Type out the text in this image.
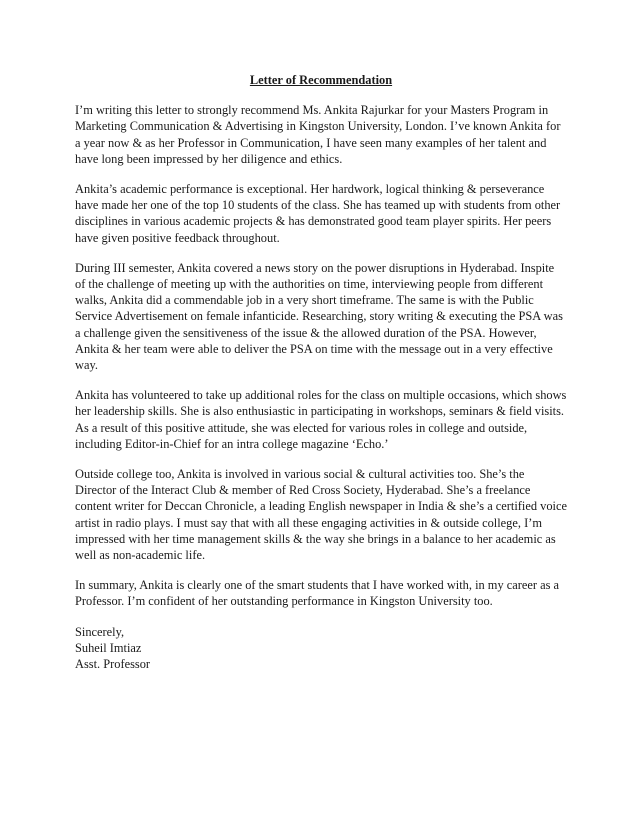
Letter of Recommendation

I’m writing this letter to strongly recommend Ms. Ankita Rajurkar for your Masters Program in Marketing Communication & Advertising in Kingston University, London. I’ve known Ankita for a year now & as her Professor in Communication, I have seen many examples of her talent and have long been impressed by her diligence and ethics.

Ankita’s academic performance is exceptional. Her hardwork, logical thinking & perseverance have made her one of the top 10 students of the class. She has teamed up with students from other disciplines in various academic projects & has demonstrated good team player spirits. Her peers have given positive feedback throughout.

During III semester, Ankita covered a news story on the power disruptions in Hyderabad. Inspite of the challenge of meeting up with the authorities on time, interviewing people from different walks, Ankita did a commendable job in a very short timeframe. The same is with the Public Service Advertisement on female infanticide. Researching, story writing & executing the PSA was a challenge given the sensitiveness of the issue & the allowed duration of the PSA. However, Ankita & her team were able to deliver the PSA on time with the message out in a very effective way.

Ankita has volunteered to take up additional roles for the class on multiple occasions, which shows her leadership skills. She is also enthusiastic in participating in workshops, seminars & field visits. As a result of this positive attitude, she was elected for various roles in college and outside, including Editor-in-Chief for an intra college magazine ‘Echo.’

Outside college too, Ankita is involved in various social & cultural activities too. She’s the Director of the Interact Club & member of Red Cross Society, Hyderabad. She’s a freelance content writer for Deccan Chronicle, a leading English newspaper in India & she’s a certified voice artist in radio plays. I must say that with all these engaging activities in & outside college, I’m impressed with her time management skills & the way she brings in a balance to her academic as well as non-academic life.

In summary, Ankita is clearly one of the smart students that I have worked with, in my career as a Professor. I’m confident of her outstanding performance in Kingston University too.

Sincerely,
Suheil Imtiaz
Asst. Professor
